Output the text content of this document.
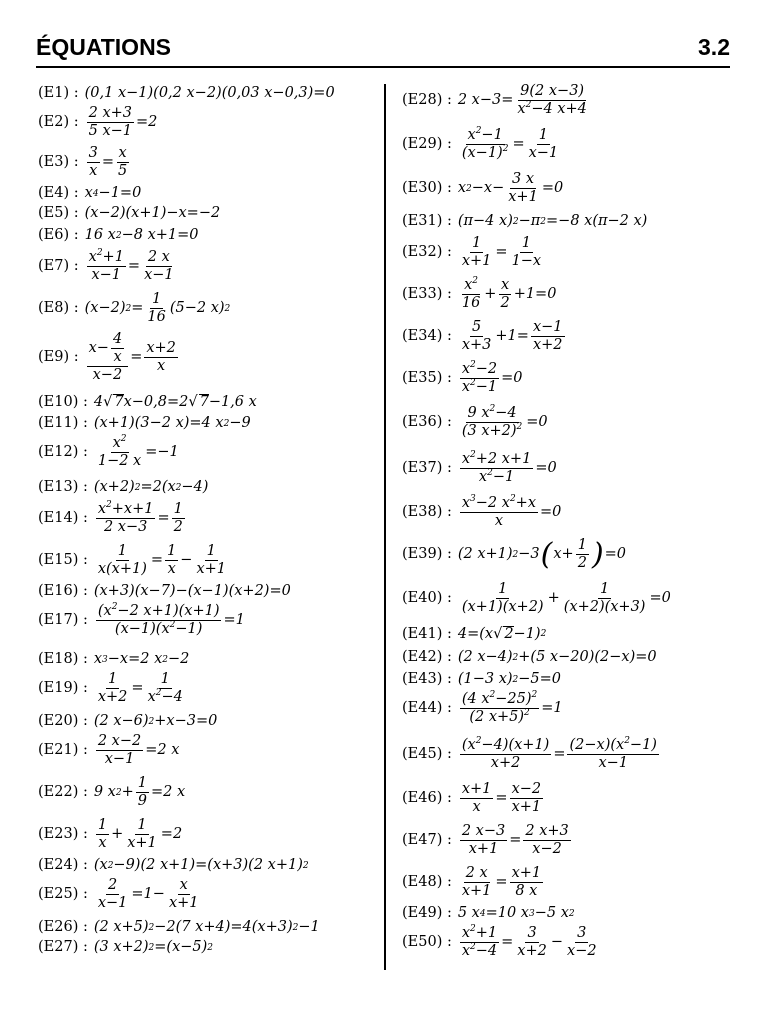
ÉQUATIONS	3.2
(E1) : (0,1 x−1)(0,2 x−2)(0,03 x−0,3)=0
(E2) : $\frac{2 x+3}{5 x-1} =2$
(E3) : $\frac{3}{x} = \frac{x}{5}$
(E4) : x 4 −1=0
(E5) : (x−2)(x+1)−x=−2
(E6) : 16 x 2 −8 x+1=0
(E7) : $\frac{x^2+1}{x-1} = \frac{2 x}{x-1}$
(E8) : (x−2) $2 = \frac{1}{16} (5-2$ x) 2
(E9) : $\frac{x- \frac{4}{x}}{x-2} = \frac{x+2}{x}$
(E10) : 4 √ 7 x−0,8=2 √ 7 −1,6 x
(E11) : (x+1)(3−2 x)=4 x 2 −9
(E12) : $\frac{x^2}{1-2 x} =-1$
(E13) : (x+2) 2 =2(x 2 −4)
(E14) : $\frac{x^2+x+1}{2 x-3} = \frac{1}{2}$
(E15) : $\frac{1}{x(x+1)} = \frac{1}{x} - \frac{1}{x+1}$
(E16) : (x+3)(x−7)−(x−1)(x+2)=0
(E17) : $\frac{(x^2-2 x+1)(x+1)}{(x-1)(x^2-1)} =1$
(E18) : x 3 −x=2 x 2 −2
(E19) : $\frac{1}{x+2} = \frac{1}{x^2-4}$
(E20) : (2 x−6) 2 +x−3=0
(E21) : $\frac{2 x-2}{x-1} =2$ x
(E22) : 9 x $2 + \frac{1}{9} =2$ x
(E23) :
1
x
+ $\frac{1}{x+1} =2$
(E24) : (x 2 −9)(2 x+1)=(x+3)(2 x+1) 2
(E25) : $\frac{2}{x-1} =1- \frac{x}{x+1}$
(E26) : (2 x+5) 2 −2(7 x+4)=4(x+3) 2 −1
(E27) : (3 x+2) 2 =(x−5) 2
(E28) : 2 $x-3= \frac{9(2 x-3)}{x^2-4 x+4}$
(E29) : $\frac{x^2-1}{(x-1)^2} = \frac{1}{x-1}$
(E30) : x $2 -x- \frac{3 x}{x+1} =0$
(E31) : (π−4 x) 2 −π 2 =−8 x(π−2 x)
(E32) : $\frac{1}{x+1} = \frac{1}{1-x}$
(E33) :
$x^2$
16
+ $\frac{x}{2} +1=0$
(E34) :
5
x+3
$+1= \frac{x-1}{x+2}$
(E35) : $\frac{x^2-2}{x^2-1} =0$
(E36) : $\frac{9 x^2-4}{(3 x+2)^2} =0$
(E37) : $\frac{x^2+2 x+1}{x^2-1} =0$
(E38) : $\frac{x^3-2 x^2+x}{x} =0$
(E39) : (2 x+1) 2 −3 ( $x+ \frac{1}{2}$ ) =0
(E40) :
1
(x+1)(x+2)
+ $\frac{1}{(x+2)(x+3)} =0$
(E41) : 4=(x √ 2 −1) 2
(E42) : (2 x−4) 2 +(5 x−20)(2−x)=0
(E43) : (1−3 x) 2 −5=0
(E44) : $\frac{(4 x^2-25)^2}{(2 x+5)^2} =1$
(E45) : $\frac{(x^2-4)(x+1)}{x+2} = \frac{(2-x)(x^2-1)}{x-1}$
(E46) : $\frac{x+1}{x} = \frac{x-2}{x+1}$
(E47) : $\frac{2 x-3}{x+1} = \frac{2 x+3}{x-2}$
(E48) : $\frac{2 x}{x+1} = \frac{x+1}{8 x}$
(E49) : 5 x 4 =10 x 3 −5 x 2
(E50) : $\frac{x^2+1}{x^2-4} = \frac{3}{x+2} - \frac{3}{x-2}$
